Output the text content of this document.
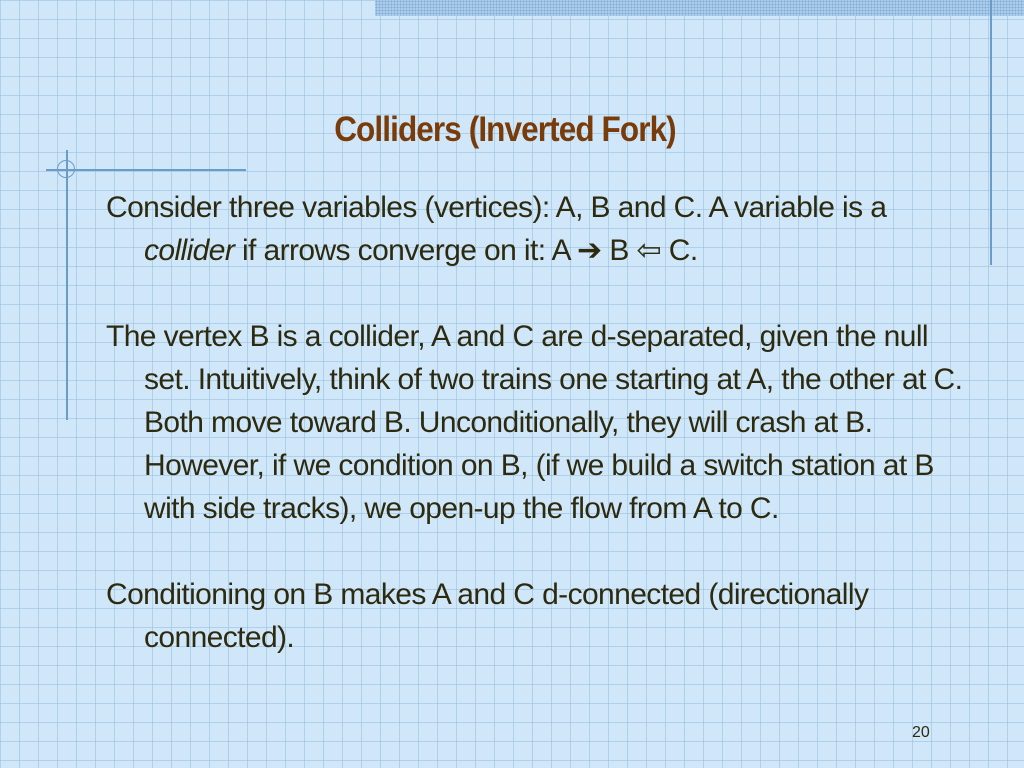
Colliders (Inverted Fork)

Consider three variables (vertices): A, B and C. A variable is a collider if arrows converge on it: A ➔ B ⇦ C.

The vertex B is a collider, A and C are d-separated, given the null set. Intuitively, think of two trains one starting at A, the other at C. Both move toward B. Unconditionally, they will crash at B. However, if we condition on B, (if we build a switch station at B with side tracks), we open-up the flow from A to C.

Conditioning on B makes A and C d-connected (directionally connected).

20
